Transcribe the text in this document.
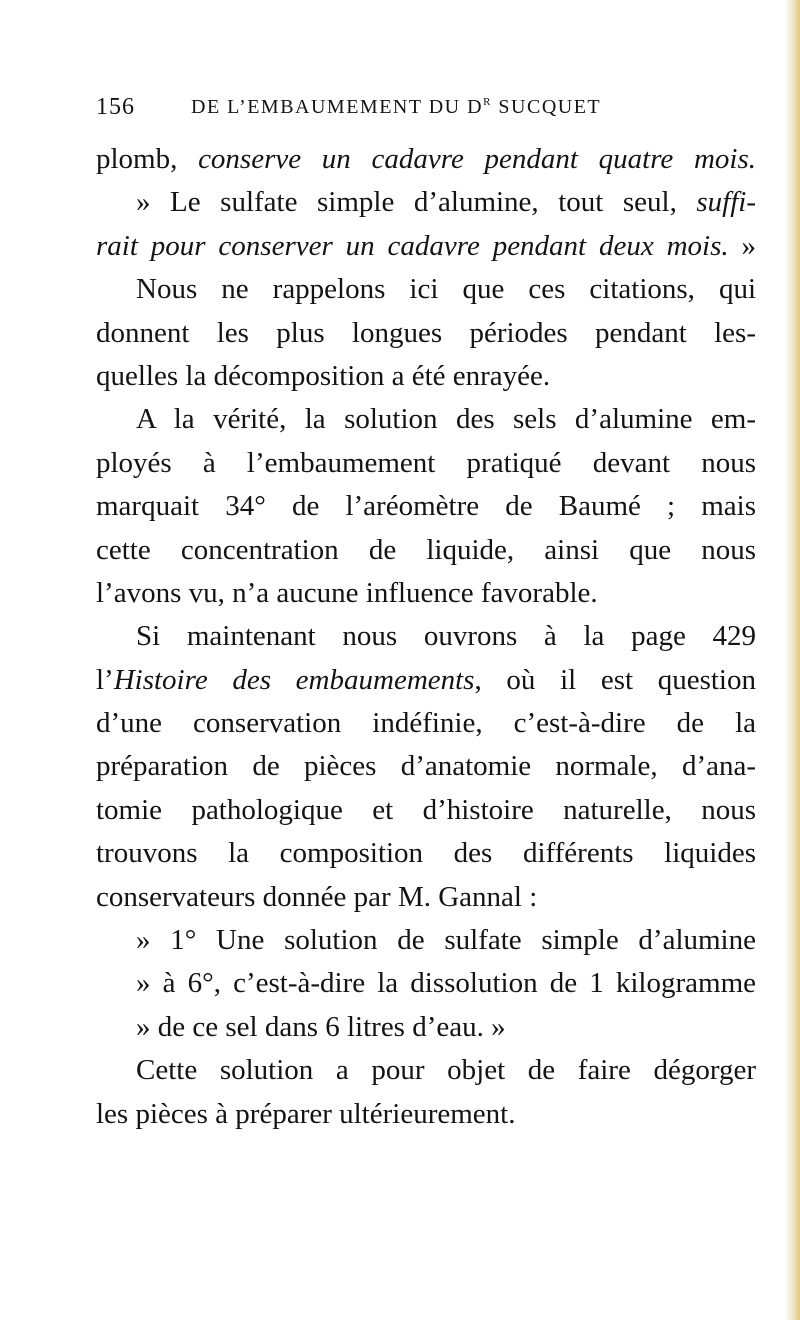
156	DE L’EMBAUMEMENT DU $D^R$ SUCQUET
plomb, conserve un cadavre pendant quatre mois.
» Le sulfate simple d’alumine, tout seul, suffi-
rait pour conserver un cadavre pendant deux mois. »
Nous ne rappelons ici que ces citations, qui
donnent les plus longues périodes pendant les-
quelles la décomposition a été enrayée.
A la vérité, la solution des sels d’alumine em-
ployés à l’embaumement pratiqué devant nous
marquait 34° de l’aréomètre de Baumé ; mais
cette concentration de liquide, ainsi que nous
l’avons vu, n’a aucune influence favorable.
Si maintenant nous ouvrons à la page 429
l’Histoire des embaumements, où il est question
d’une conservation indéfinie, c’est-à-dire de la
préparation de pièces d’anatomie normale, d’ana-
tomie pathologique et d’histoire naturelle, nous
trouvons la composition des différents liquides
conservateurs donnée par M. Gannal :
» 1° Une solution de sulfate simple d’alumine
» à 6°, c’est-à-dire la dissolution de 1 kilogramme
» de ce sel dans 6 litres d’eau. »
Cette solution a pour objet de faire dégorger
les pièces à préparer ultérieurement.
